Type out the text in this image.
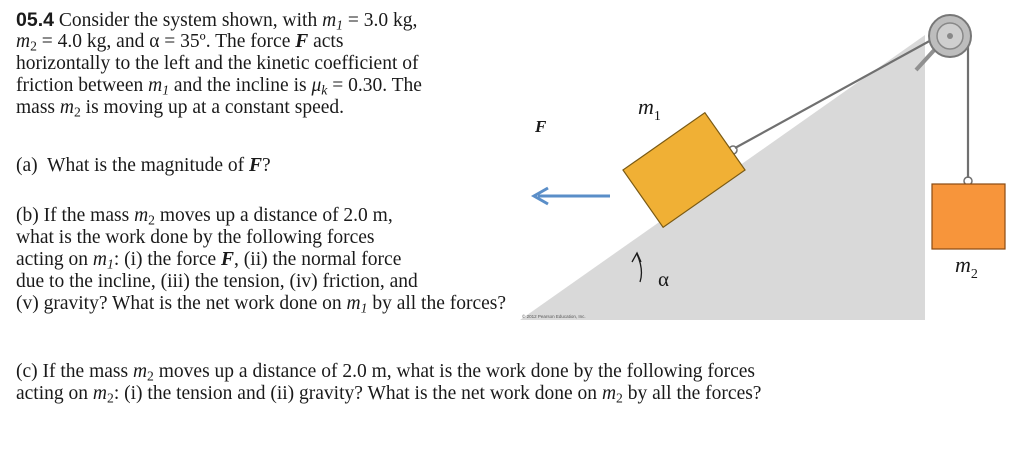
05.4 Consider the system shown, with $m_1 = 3.0$ kg,
$m_2 = 4.0$ kg, and α = 35º. The force F acts
horizontally to the left and the kinetic coefficient of
friction between $m_1$ and the incline is $\mu_k = 0.30$. The
mass $m_2$ is moving up at a constant speed.
(a)  What is the magnitude of F?
(b) If the mass $m_2$ moves up a distance of 2.0 m,
what is the work done by the following forces
acting on $m_1$: (i) the force F, (ii) the normal force
due to the incline, (iii) the tension, (iv) friction, and
(v) gravity? What is the net work done on $m_1$ by all the forces?
(c) If the mass $m_2$ moves up a distance of 2.0 m, what is the work done by the following forces
acting on $m_2$: (i) the tension and (ii) gravity? What is the net work done on $m_2$ by all the forces?
F
$m_1$
$m_2$
α
© 2012 Pearson Education, Inc.
